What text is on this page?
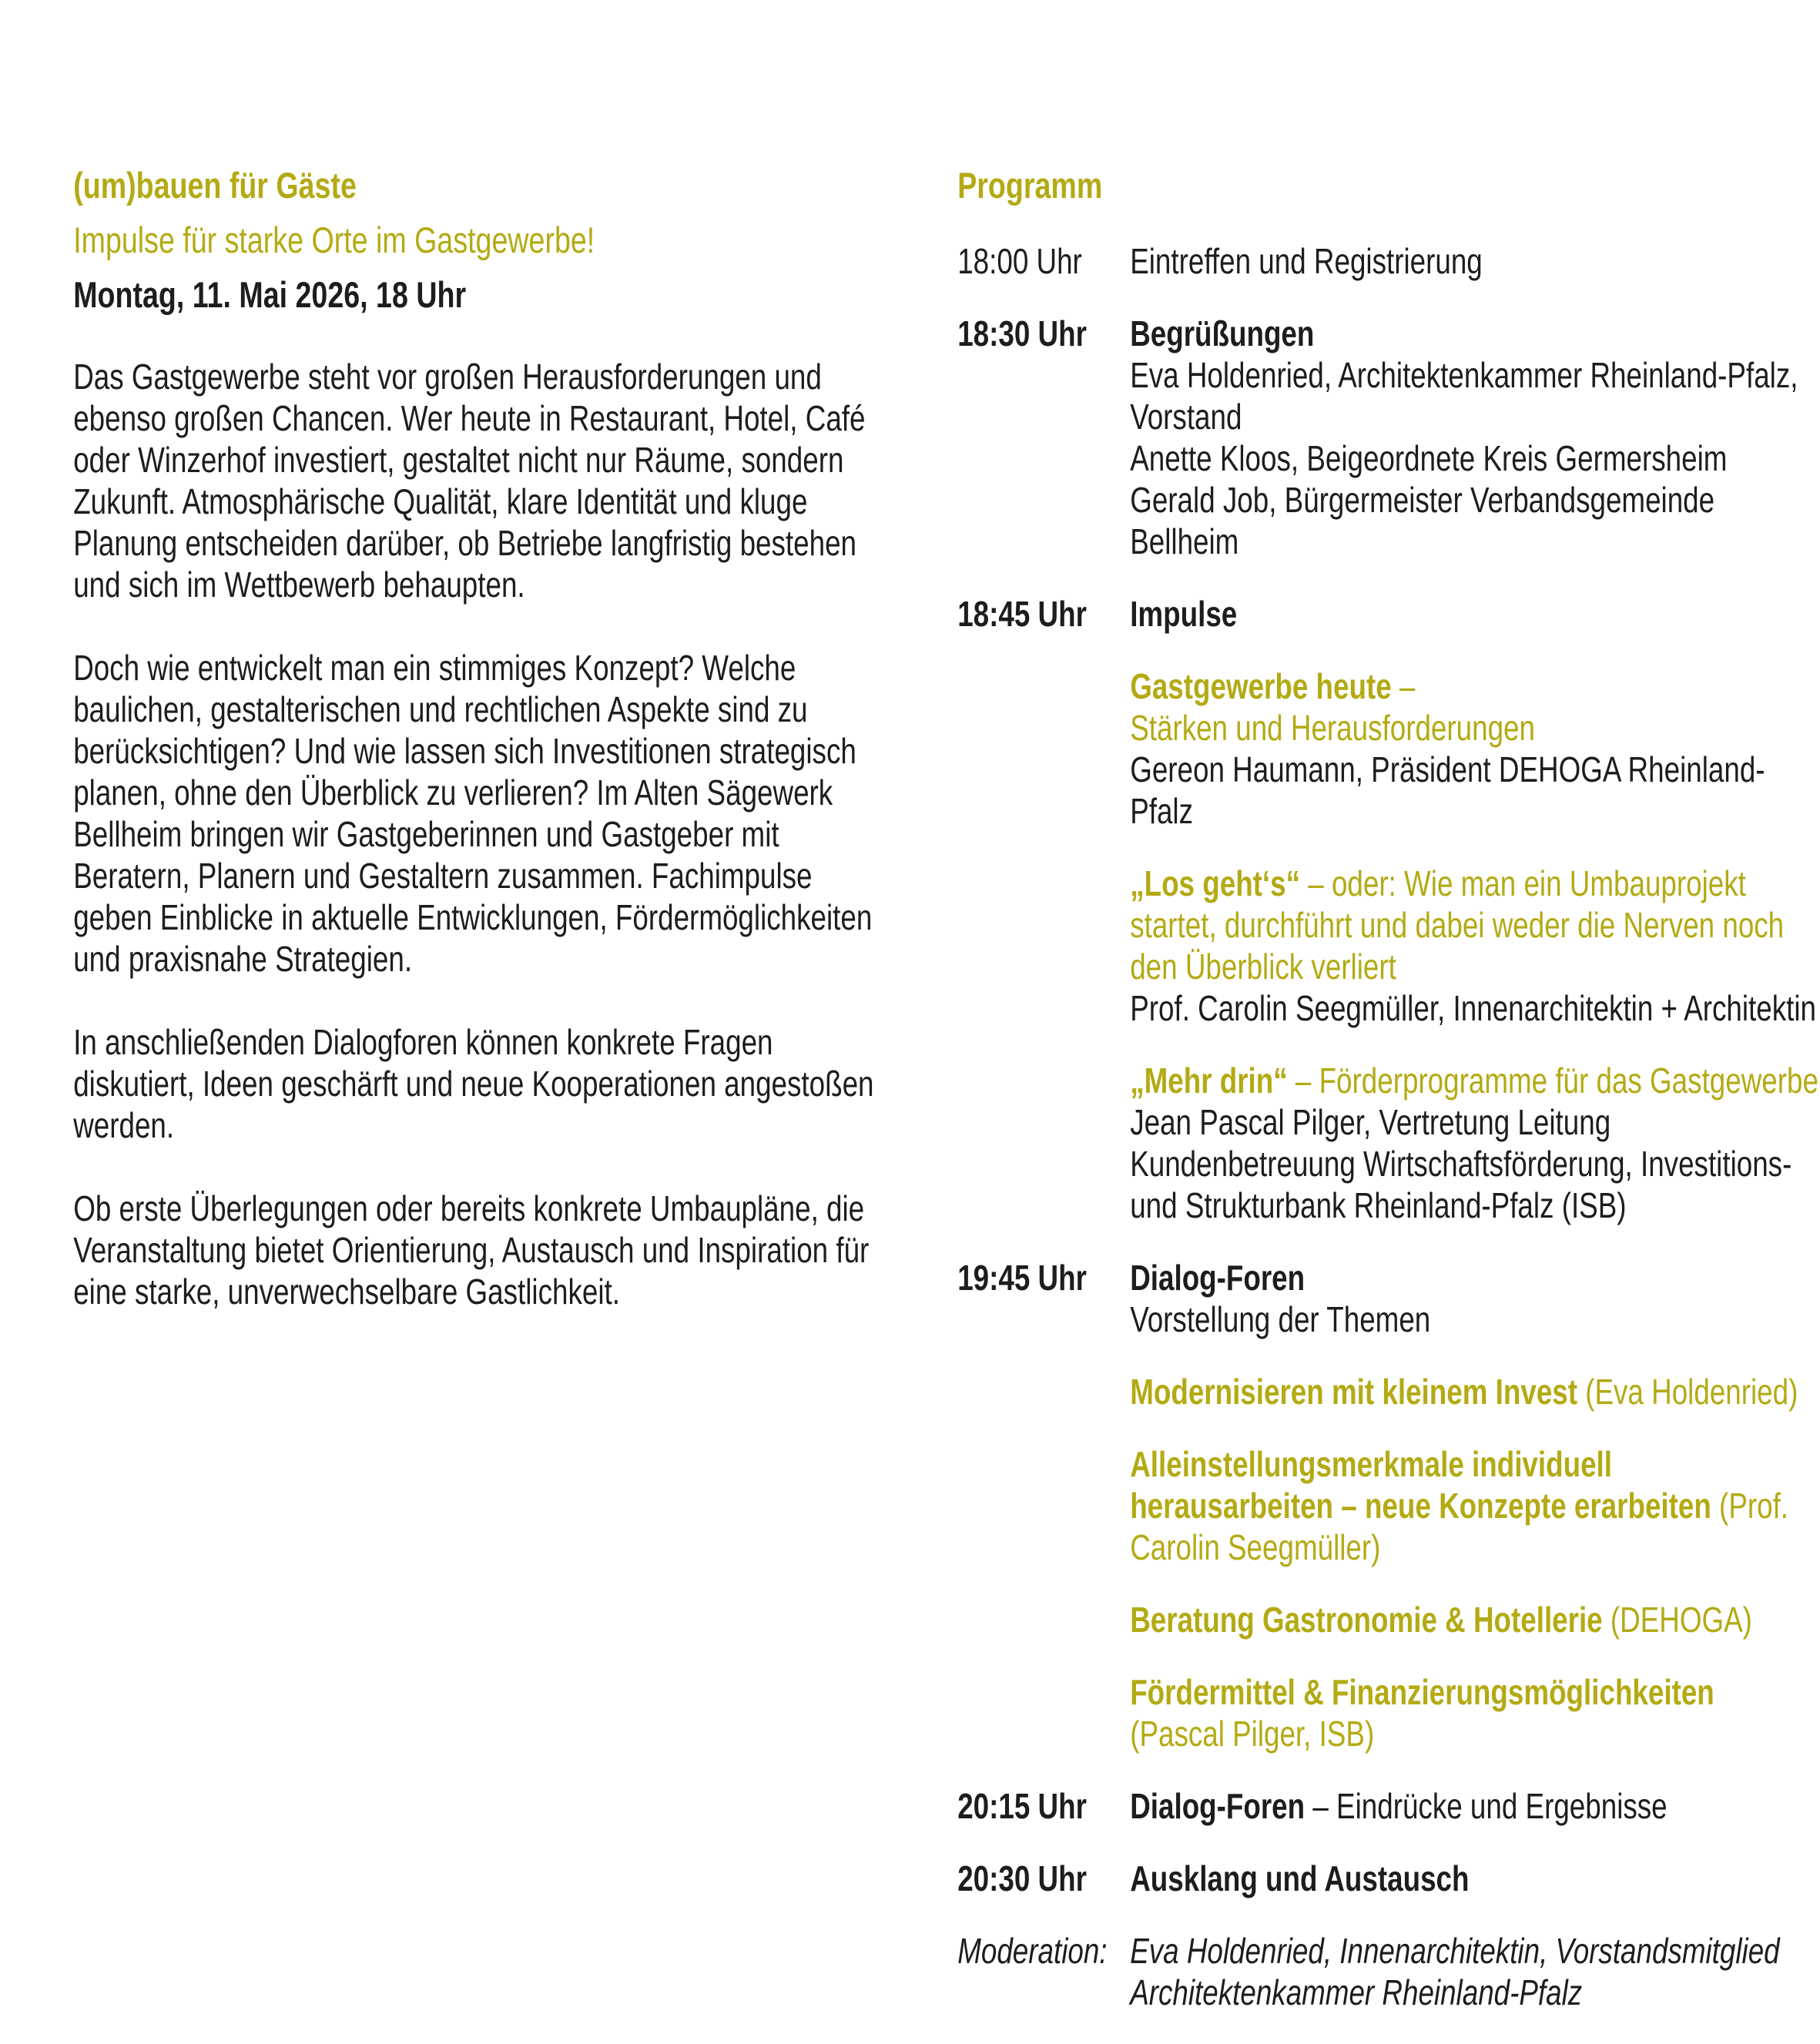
(um)bauen für Gäste
Impulse für starke Orte im Gastgewerbe!
Montag, 11. Mai 2026, 18 Uhr

Das Gastgewerbe steht vor großen Herausforderungen und ebenso großen Chancen. Wer heute in Restaurant, Hotel, Café oder Winzerhof investiert, gestaltet nicht nur Räume, sondern Zukunft. Atmosphärische Qualität, klare Identität und kluge Planung entscheiden darüber, ob Betriebe langfristig bestehen und sich im Wettbewerb behaupten.

Doch wie entwickelt man ein stimmiges Konzept? Welche baulichen, gestalterischen und rechtlichen Aspekte sind zu berücksichtigen? Und wie lassen sich Investitionen strategisch planen, ohne den Überblick zu verlieren? Im Alten Sägewerk Bellheim bringen wir Gastgeberinnen und Gastgeber mit Beratern, Planern und Gestaltern zusammen. Fachimpulse geben Einblicke in aktuelle Entwicklungen, Fördermöglichkeiten und praxisnahe Strategien.

In anschließenden Dialogforen können konkrete Fragen diskutiert, Ideen geschärft und neue Kooperationen angestoßen werden.

Ob erste Überlegungen oder bereits konkrete Umbaupläne, die Veranstaltung bietet Orientierung, Austausch und Inspiration für eine starke, unverwechselbare Gastlichkeit.

Programm
18:00 Uhr	Eintreffen und Registrierung
18:30 Uhr	Begrüßungen
Eva Holdenried, Architektenkammer Rheinland-Pfalz, Vorstand
Anette Kloos, Beigeordnete Kreis Germersheim
Gerald Job, Bürgermeister Verbandsgemeinde Bellheim
18:45 Uhr	Impulse
Gastgewerbe heute –
Stärken und Herausforderungen
Gereon Haumann, Präsident DEHOGA Rheinland-Pfalz
„Los geht‘s“ – oder: Wie man ein Umbauprojekt startet, durchführt und dabei weder die Nerven noch den Überblick verliert
Prof. Carolin Seegmüller, Innenarchitektin + Architektin
„Mehr drin“ – Förderprogramme für das Gastgewerbe
Jean Pascal Pilger, Vertretung Leitung Kundenbetreuung Wirtschaftsförderung, Investitions- und Strukturbank Rheinland-Pfalz (ISB)
19:45 Uhr	Dialog-Foren
Vorstellung der Themen
Modernisieren mit kleinem Invest (Eva Holdenried)
Alleinstellungsmerkmale individuell herausarbeiten – neue Konzepte erarbeiten (Prof. Carolin Seegmüller)
Beratung Gastronomie & Hotellerie (DEHOGA)
Fördermittel & Finanzierungsmöglichkeiten
(Pascal Pilger, ISB)
20:15 Uhr	Dialog-Foren – Eindrücke und Ergebnisse
20:30 Uhr	Ausklang und Austausch
Moderation: Eva Holdenried, Innenarchitektin, Vorstandsmitglied Architektenkammer Rheinland-Pfalz
